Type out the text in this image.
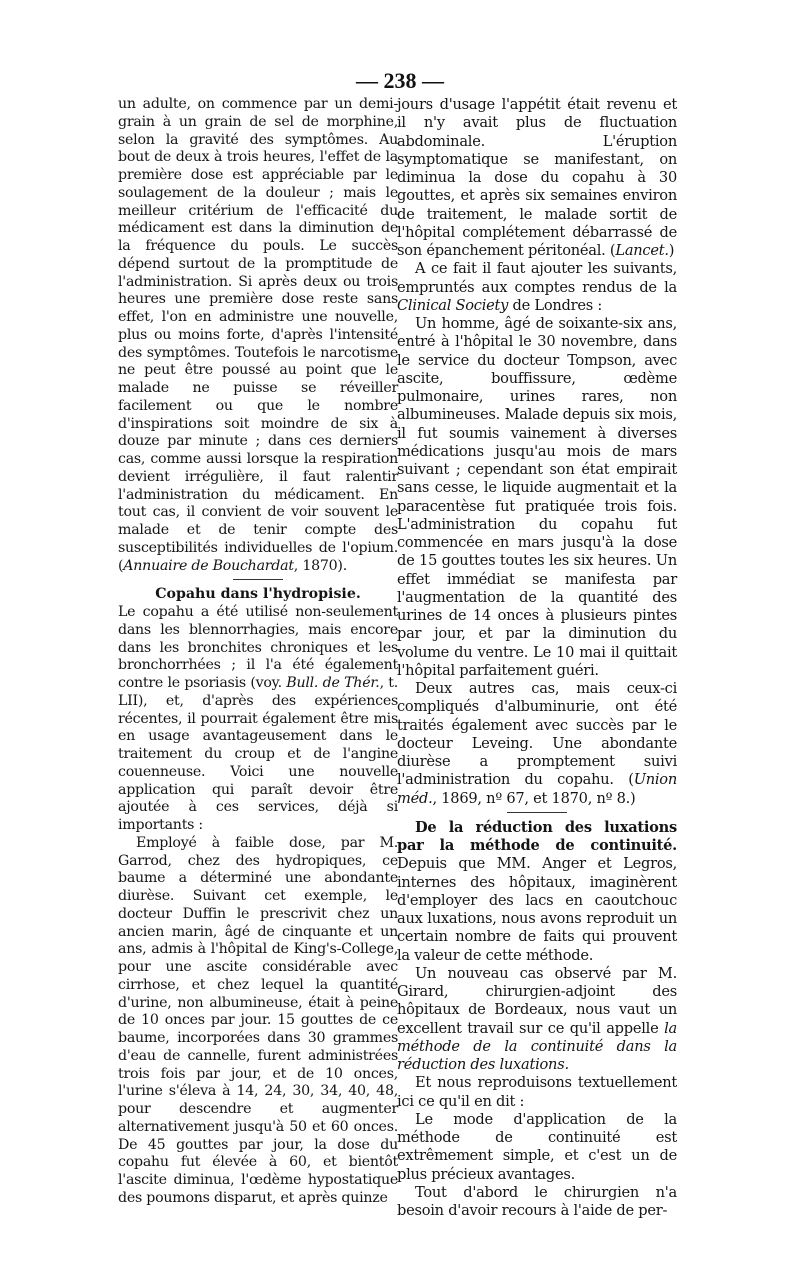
— 238 —

un adulte, on commence par un demi-grain à un grain de sel de morphine, selon la gravité des symptômes. Au bout de deux à trois heures, l'effet de la première dose est appréciable par le soulagement de la douleur ; mais le meilleur critérium de l'efficacité du médicament est dans la diminution de la fréquence du pouls. Le succès dépend surtout de la promptitude de l'administration. Si après deux ou trois heures une première dose reste sans effet, l'on en administre une nouvelle, plus ou moins forte, d'après l'intensité des symptômes. Toutefois le narcotisme ne peut être poussé au point que le malade ne puisse se réveiller facilement ou que le nombre d'inspirations soit moindre de six à douze par minute ; dans ces derniers cas, comme aussi lorsque la respiration devient irrégulière, il faut ralentir l'administration du médicament. En tout cas, il convient de voir souvent le malade et de tenir compte des susceptibilités individuelles de l'opium. (Annuaire de Bouchardat, 1870).

Copahu dans l'hydropisie.

Le copahu a été utilisé non-seulement dans les blennorrhagies, mais encore dans les bronchites chroniques et les bronchorrhées ; il l'a été également contre le psoriasis (voy. Bull. de Thér., t. LII), et, d'après des expériences récentes, il pourrait également être mis en usage avantageusement dans le traitement du croup et de l'angine couenneuse. Voici une nouvelle application qui paraît devoir être ajoutée à ces services, déjà si importants :

Employé à faible dose, par M. Garrod, chez des hydropiques, ce baume a déterminé une abondante diurèse. Suivant cet exemple, le docteur Duffin le prescrivit chez un ancien marin, âgé de cinquante et un ans, admis à l'hôpital de King's-College, pour une ascite considérable avec cirrhose, et chez lequel la quantité d'urine, non albumineuse, était à peine de 10 onces par jour. 15 gouttes de ce baume, incorporées dans 30 grammes d'eau de cannelle, furent administrées trois fois par jour, et de 10 onces, l'urine s'éleva à 14, 24, 30, 34, 40, 48, pour descendre et augmenter alternativement jusqu'à 50 et 60 onces. De 45 gouttes par jour, la dose du copahu fut élevée à 60, et bientôt l'ascite diminua, l'œdème hypostatique des poumons disparut, et après quinze

jours d'usage l'appétit était revenu et il n'y avait plus de fluctuation abdominale. L'éruption symptomatique se manifestant, on diminua la dose du copahu à 30 gouttes, et après six semaines environ de traitement, le malade sortit de l'hôpital complétement débarrassé de son épanchement péritonéal. (Lancet.)

A ce fait il faut ajouter les suivants, empruntés aux comptes rendus de la Clinical Society de Londres :

Un homme, âgé de soixante-six ans, entré à l'hôpital le 30 novembre, dans le service du docteur Tompson, avec ascite, bouffissure, œdème pulmonaire, urines rares, non albumineuses. Malade depuis six mois, il fut soumis vainement à diverses médications jusqu'au mois de mars suivant ; cependant son état empirait sans cesse, le liquide augmentait et la paracentèse fut pratiquée trois fois. L'administration du copahu fut commencée en mars jusqu'à la dose de 15 gouttes toutes les six heures. Un effet immédiat se manifesta par l'augmentation de la quantité des urines de 14 onces à plusieurs pintes par jour, et par la diminution du volume du ventre. Le 10 mai il quittait l'hôpital parfaitement guéri.

Deux autres cas, mais ceux-ci compliqués d'albuminurie, ont été traités également avec succès par le docteur Leveing. Une abondante diurèse a promptement suivi l'administration du copahu. (Union méd., 1869, nº 67, et 1870, nº 8.)

De la réduction des luxations par la méthode de continuité. Depuis que MM. Anger et Legros, internes des hôpitaux, imaginèrent d'employer des lacs en caoutchouc aux luxations, nous avons reproduit un certain nombre de faits qui prouvent la valeur de cette méthode.

Un nouveau cas observé par M. Girard, chirurgien-adjoint des hôpitaux de Bordeaux, nous vaut un excellent travail sur ce qu'il appelle la méthode de la continuité dans la réduction des luxations.

Et nous reproduisons textuellement ici ce qu'il en dit :

Le mode d'application de la méthode de continuité est extrêmement simple, et c'est un de plus précieux avantages.

Tout d'abord le chirurgien n'a besoin d'avoir recours à l'aide de per-
